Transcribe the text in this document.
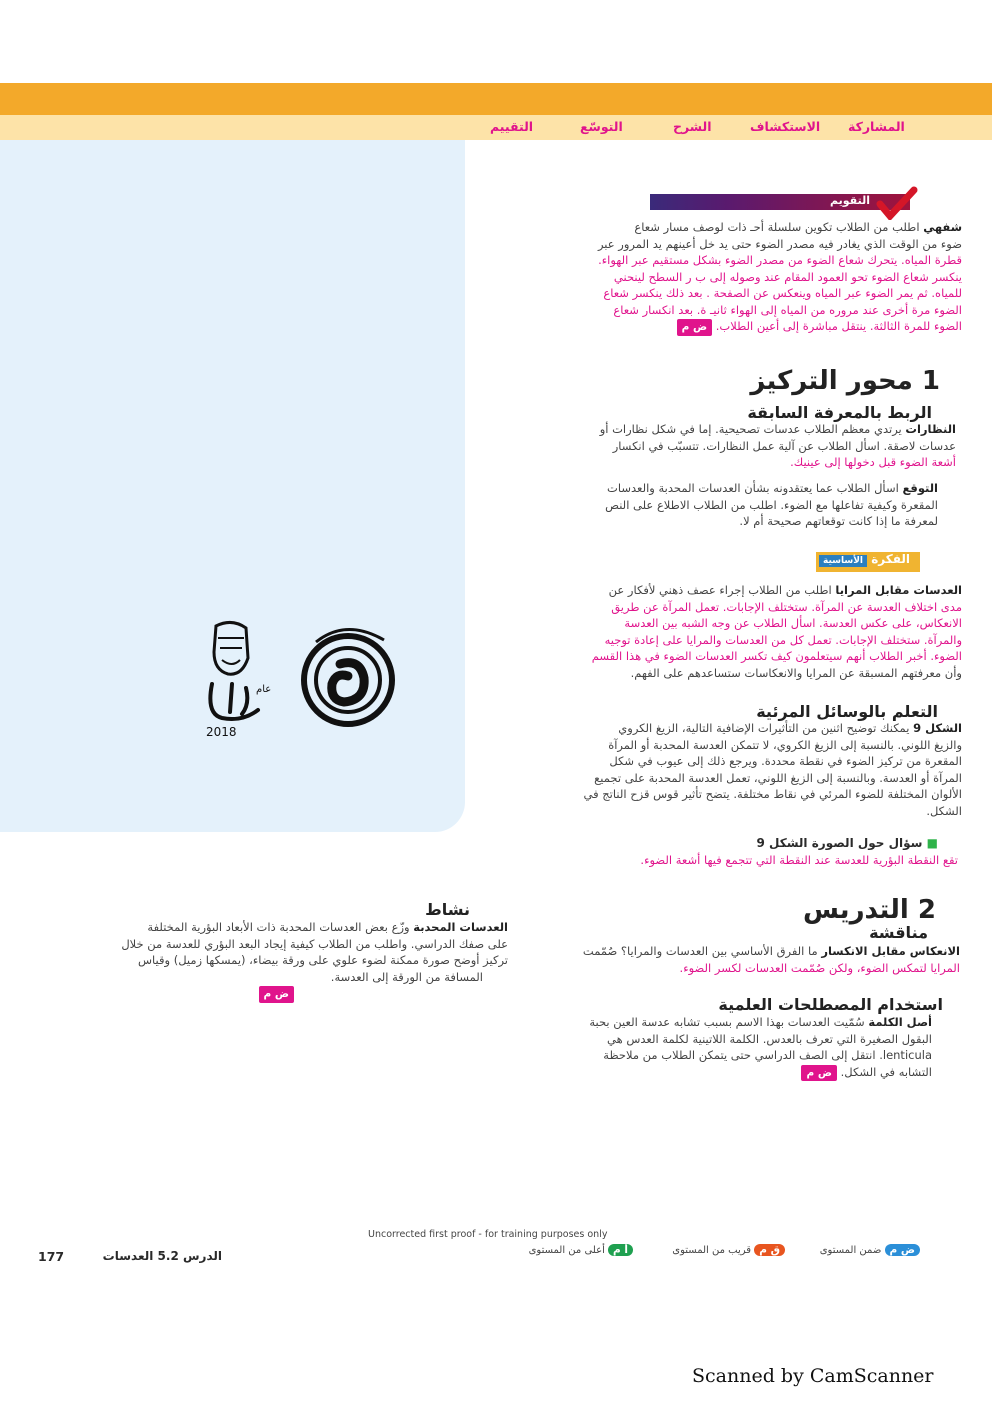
المشاركة
الاستكشاف
الشرح
التوسّع
التقييم
التقويم
شفهي اطلب من الطلاب تكوين سلسلة أحـ ذات لوصف مسار شعاع
ضوء من الوقت الذي يغادر فيه مصدر الضوء حتى يد خل أعينهم يد المرور عبر
قطرة المياه. يتحرك شعاع الضوء من مصدر الضوء بشكل مستقيم عبر الهواء.
ينكسر شعاع الضوء تحو العمود المقام عند وصوله إلى ب ر السطح لينحني
للمياه. ثم يمر الضوء عبر المياه وينعكس عن الصفحة . بعد ذلك ينكسر شعاع
الضوء مرة أخرى عند مروره من المياه إلى الهواء ثانيـ ة. بعد انكسار شعاع
الضوء للمرة الثالثة. ينتقل مباشرة إلى أعين الطلاب. ض م
1 محور التركيز
الربط بالمعرفة السابقة
النظارات يرتدي معظم الطلاب عدسات تصحيحية. إما في شكل نظارات أو
عدسات لاصقة. اسأل الطلاب عن آلية عمل النظارات. تتسبّب في انكسار
أشعة الضوء قبل دخولها إلى عينيك.
التوقع اسأل الطلاب عما يعتقدونه بشأن العدسات المحدبة والعدسات
المقعرة وكيفية تفاعلها مع الضوء. اطلب من الطلاب الاطلاع على النص
لمعرفة ما إذا كانت توقعاتهم صحيحة أم لا.
الفكرة الأساسية
العدسات مقابل المرايا اطلب من الطلاب إجراء عصف ذهني لأفكار عن
مدى اختلاف العدسة عن المرآة. ستختلف الإجابات. تعمل المرآة عن طريق
الانعكاس، على عكس العدسة. اسأل الطلاب عن وجه الشبه بين العدسة
والمرآة. ستختلف الإجابات. تعمل كل من العدسات والمرايا على إعادة توجيه
الضوء. أخبر الطلاب أنهم سيتعلمون كيف تكسر العدسات الضوء في هذا القسم
وأن معرفتهم المسبقة عن المرايا والانعكاسات ستساعدهم على الفهم.
التعلم بالوسائل المرئية
الشكل 9 يمكنك توضيح اثنين من التأثيرات الإضافية التالية، الزيغ الكروي
والزيغ اللوني. بالنسبة إلى الزيغ الكروي، لا تتمكن العدسة المحدبة أو المرآة
المقعرة من تركيز الضوء في نقطة محددة. ويرجع ذلك إلى عيوب في شكل
المرآة أو العدسة. وبالنسبة إلى الزيغ اللوني، تعمل العدسة المحدبة على تجميع
الألوان المختلفة للضوء المرئي في نقاط مختلفة. يتضح تأثير قوس قزح الناتج في
الشكل.
■ سؤال حول الصورة الشكل 9
تقع النقطة البؤرية للعدسة عند النقطة التي تتجمع فيها أشعة الضوء.
نشاط
العدسات المحدبة وزّع بعض العدسات المحدبة ذات الأبعاد البؤرية المختلفة
على صفك الدراسي. واطلب من الطلاب كيفية إيجاد البعد البؤري للعدسة من خلال
تركيز أوضح صورة ممكنة لضوء علوي على ورقة بيضاء، (يمسكها زميل) وقياس
المسافة من الورقة إلى العدسة.
ض م
2 التدريس
مناقشة
الانعكاس مقابل الانكسار ما الفرق الأساسي بين العدسات والمرايا؟ صُمّمت
المرايا لتمكس الضوء، ولكن صُمّمت العدسات لكسر الضوء.
استخدام المصطلحات العلمية
أصل الكلمة سُمّيت العدسات بهذا الاسم بسبب تشابه عدسة العين بحبة
البقول الصغيرة التي تعرف بالعدس. الكلمة اللاتينية لكلمة العدس هي
lenticula. انتقل إلى الصف الدراسي حتى يتمكن الطلاب من ملاحظة
التشابه في الشكل. ض م
2018
عام
Uncorrected first proof - for training purposes only
ض م ضمن المستوى
ق م قريب من المستوى
أ م أعلى من المستوى
الدرس 5.2 العدسات
177
Scanned by CamScanner
